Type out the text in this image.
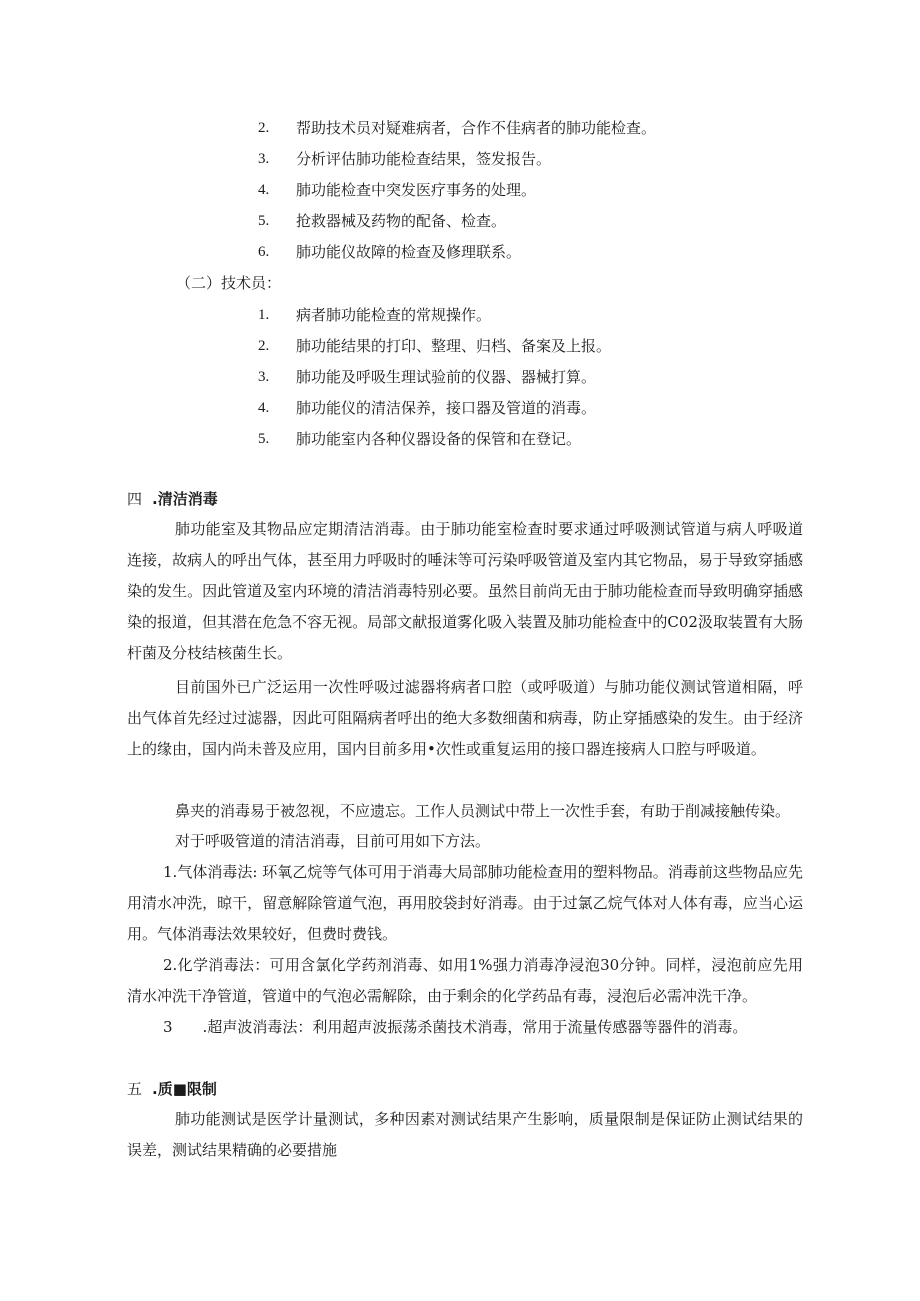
2. 帮助技术员对疑难病者，合作不佳病者的肺功能检查。
3. 分析评估肺功能检查结果，签发报告。
4. 肺功能检查中突发医疗事务的处理。
5. 抢救器械及药物的配备、检查。
6. 肺功能仪故障的检查及修理联系。
（二）技术员：
1. 病者肺功能检查的常规操作。
2. 肺功能结果的打印、整理、归档、备案及上报。
3. 肺功能及呼吸生理试验前的仪器、器械打算。
4. 肺功能仪的清洁保养，接口器及管道的消毒。
5. 肺功能室内各种仪器设备的保管和在登记。
四 .清洁消毒
肺功能室及其物品应定期清洁消毒。由于肺功能室检查时要求通过呼吸测试管道与病人呼吸道连接，故病人的呼出气体，甚至用力呼吸时的唾沫等可污染呼吸管道及室内其它物品，易于导致穿插感染的发生。因此管道及室内环境的清洁消毒特别必要。虽然目前尚无由于肺功能检查而导致明确穿插感染的报道，但其潜在危急不容无视。局部文献报道雾化吸入装置及肺功能检查中的C02汲取装置有大肠杆菌及分枝结核菌生长。
目前国外已广泛运用一次性呼吸过滤器将病者口腔（或呼吸道）与肺功能仪测试管道相隔，呼出气体首先经过过滤器，因此可阻隔病者呼出的绝大多数细菌和病毒，防止穿插感染的发生。由于经济上的缘由，国内尚未普及应用，国内目前多用•次性或重复运用的接口器连接病人口腔与呼吸道。
鼻夹的消毒易于被忽视，不应遗忘。工作人员测试中带上一次性手套，有助于削减接触传染。
对于呼吸管道的清洁消毒，目前可用如下方法。
1.气体消毒法: 环氧乙烷等气体可用于消毒大局部肺功能检查用的塑料物品。消毒前这些物品应先用清水冲洗，晾干，留意解除管道气泡，再用胶袋封好消毒。由于过氯乙烷气体对人体有毒，应当心运用。气体消毒法效果较好，但费时费钱。
2.化学消毒法：可用含氯化学药剂消毒、如用1%强力消毒净浸泡30分钟。同样，浸泡前应先用清水冲洗干净管道，管道中的气泡必需解除，由于剩余的化学药品有毒，浸泡后必需冲洗干净。
3 .超声波消毒法：利用超声波振荡杀菌技术消毒，常用于流量传感器等器件的消毒。
五 .质■限制
肺功能测试是医学计量测试，多种因素对测试结果产生影响，质量限制是保证防止测试结果的误差，测试结果精确的必要措施
